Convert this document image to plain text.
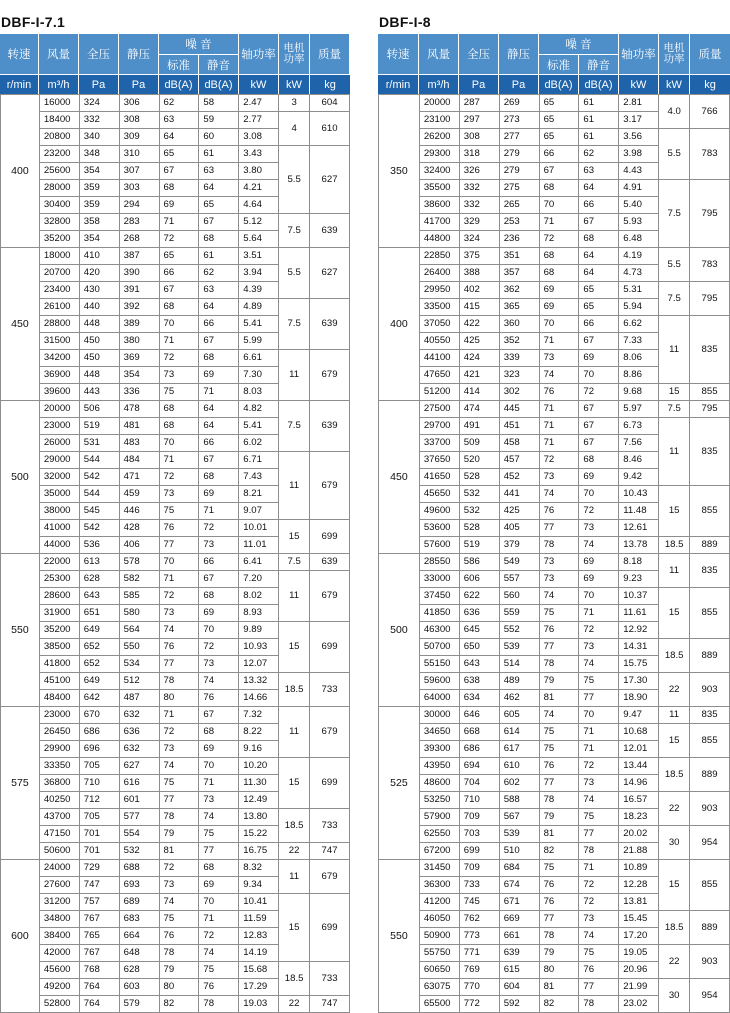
DBF-I-7.1
转速	风量	全压	静压
噪 音
标准	静音
轴功率
电机
功率	质量
r/min	m³/h	Pa	Pa	dB(A)	dB(A)	kW	kW	kg
400	16000	324	306	62	58	2.47	3	604
	18400	332	308	63	59	2.77	4	610
	20800	340	309	64	60	3.08		
	23200	348	310	65	61	3.43	5.5	627
	25600	354	307	67	63	3.80		
	28000	359	303	68	64	4.21		
	30400	359	294	69	65	4.64		
	32800	358	283	71	67	5.12	7.5	639
	35200	354	268	72	68	5.64		
450	18000	410	387	65	61	3.51	5.5	627
	20700	420	390	66	62	3.94		
	23400	430	391	67	63	4.39		
	26100	440	392	68	64	4.89	7.5	639
	28800	448	389	70	66	5.41		
	31500	450	380	71	67	5.99		
	34200	450	369	72	68	6.61	11	679
	36900	448	354	73	69	7.30		
	39600	443	336	75	71	8.03		
500	20000	506	478	68	64	4.82	7.5	639
	23000	519	481	68	64	5.41		
	26000	531	483	70	66	6.02		
	29000	544	484	71	67	6.71	11	679
	32000	542	471	72	68	7.43		
	35000	544	459	73	69	8.21		
	38000	545	446	75	71	9.07		
	41000	542	428	76	72	10.01	15	699
	44000	536	406	77	73	11.01		
550	22000	613	578	70	66	6.41	7.5	639
	25300	628	582	71	67	7.20	11	679
	28600	643	585	72	68	8.02		
	31900	651	580	73	69	8.93		
	35200	649	564	74	70	9.89	15	699
	38500	652	550	76	72	10.93		
	41800	652	534	77	73	12.07		
	45100	649	512	78	74	13.32	18.5	733
	48400	642	487	80	76	14.66		
575	23000	670	632	71	67	7.32	11	679
	26450	686	636	72	68	8.22		
	29900	696	632	73	69	9.16		
	33350	705	627	74	70	10.20	15	699
	36800	710	616	75	71	11.30		
	40250	712	601	77	73	12.49		
	43700	705	577	78	74	13.80	18.5	733
	47150	701	554	79	75	15.22		
	50600	701	532	81	77	16.75	22	747
600	24000	729	688	72	68	8.32	11	679
	27600	747	693	73	69	9.34		
	31200	757	689	74	70	10.41	15	699
	34800	767	683	75	71	11.59		
	38400	765	664	76	72	12.83		
	42000	767	648	78	74	14.19		
	45600	768	628	79	75	15.68	18.5	733
	49200	764	603	80	76	17.29		
	52800	764	579	82	78	19.03	22	747
DBF-I-8
转速	风量	全压	静压
噪 音
标准	静音
轴功率
电机
功率	质量
r/min	m³/h	Pa	Pa	dB(A)	dB(A)	kW	kW	kg
350	20000	287	269	65	61	2.81	4.0	766
	23100	297	273	65	61	3.17		
	26200	308	277	65	61	3.56	5.5	783
	29300	318	279	66	62	3.98		
	32400	326	279	67	63	4.43		
	35500	332	275	68	64	4.91	7.5	795
	38600	332	265	70	66	5.40		
	41700	329	253	71	67	5.93		
	44800	324	236	72	68	6.48		
400	22850	375	351	68	64	4.19	5.5	783
	26400	388	357	68	64	4.73		
	29950	402	362	69	65	5.31	7.5	795
	33500	415	365	69	65	5.94		
	37050	422	360	70	66	6.62	11	835
	40550	425	352	71	67	7.33		
	44100	424	339	73	69	8.06		
	47650	421	323	74	70	8.86		
	51200	414	302	76	72	9.68	15	855
450	27500	474	445	71	67	5.97	7.5	795
	29700	491	451	71	67	6.73	11	835
	33700	509	458	71	67	7.56		
	37650	520	457	72	68	8.46		
	41650	528	452	73	69	9.42		
	45650	532	441	74	70	10.43	15	855
	49600	532	425	76	72	11.48		
	53600	528	405	77	73	12.61		
	57600	519	379	78	74	13.78	18.5	889
500	28550	586	549	73	69	8.18	11	835
	33000	606	557	73	69	9.23		
	37450	622	560	74	70	10.37	15	855
	41850	636	559	75	71	11.61		
	46300	645	552	76	72	12.92		
	50700	650	539	77	73	14.31	18.5	889
	55150	643	514	78	74	15.75		
	59600	638	489	79	75	17.30	22	903
	64000	634	462	81	77	18.90		
525	30000	646	605	74	70	9.47	11	835
	34650	668	614	75	71	10.68	15	855
	39300	686	617	75	71	12.01		
	43950	694	610	76	72	13.44	18.5	889
	48600	704	602	77	73	14.96		
	53250	710	588	78	74	16.57	22	903
	57900	709	567	79	75	18.23		
	62550	703	539	81	77	20.02	30	954
	67200	699	510	82	78	21.88		
550	31450	709	684	75	71	10.89	15	855
	36300	733	674	76	72	12.28		
	41200	745	671	76	72	13.81		
	46050	762	669	77	73	15.45	18.5	889
	50900	773	661	78	74	17.20		
	55750	771	639	79	75	19.05	22	903
	60650	769	615	80	76	20.96		
	63075	770	604	81	77	21.99	30	954
	65500	772	592	82	78	23.02		
